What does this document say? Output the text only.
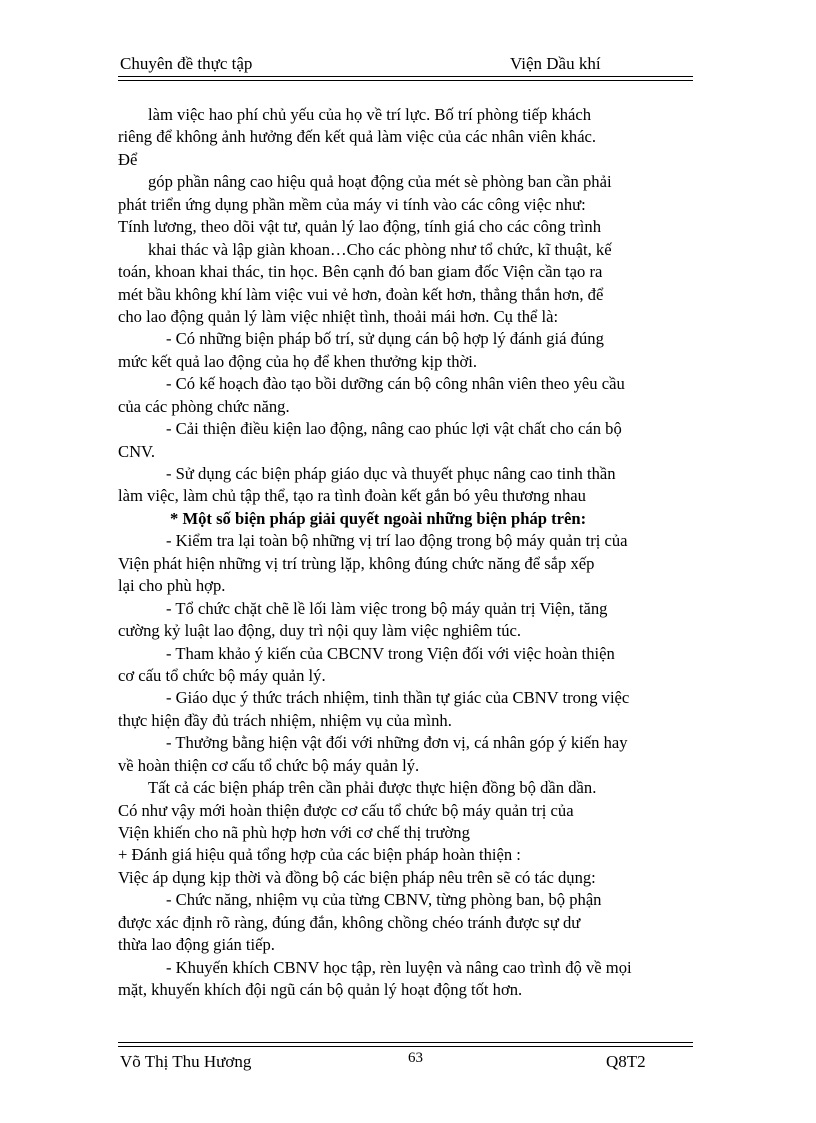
Chuyên đề thực tập	Viện Dầu khí
làm việc hao phí chủ yếu của họ về trí lực. Bố trí phòng tiếp khách
riêng để không ảnh hưởng đến kết quả làm việc của các nhân viên khác.
Để
góp phần nâng cao hiệu quả hoạt động của mét sè phòng ban cần phải
phát triển ứng dụng phần mềm của máy vi tính vào các công việc như:
Tính lương, theo dõi vật tư, quản lý lao động, tính giá cho các công trình
khai thác và lập giàn khoan…Cho các phòng như tổ chức, kĩ thuật, kế
toán, khoan khai thác, tin học. Bên cạnh đó ban giam đốc Viện cần tạo ra
mét bầu không khí làm việc vui vẻ hơn, đoàn kết hơn, thẳng thắn hơn, để
cho lao động quản lý làm việc nhiệt tình, thoải mái hơn. Cụ thể là:
- Có những biện pháp bố trí, sử dụng cán bộ hợp lý đánh giá đúng
mức kết quả lao động của họ để khen thưởng kịp thời.
- Có kế hoạch đào tạo bồi dưỡng cán bộ công nhân viên theo yêu cầu
của các phòng chức năng.
- Cải thiện điều kiện lao động, nâng cao phúc lợi vật chất cho cán bộ
CNV.
- Sử dụng các biện pháp giáo dục và thuyết phục nâng cao tinh thần
làm việc, làm chủ tập thể, tạo ra tình đoàn kết gắn bó yêu thương nhau
* Một số biện pháp giải quyết ngoài những biện pháp trên:
- Kiểm tra lại toàn bộ những vị trí lao động trong bộ máy quản trị của
Viện phát hiện những vị trí trùng lặp, không đúng chức năng để sắp xếp
lại cho phù hợp.
- Tổ chức chặt chẽ lề lối làm việc trong bộ máy quản trị Viện, tăng
cường kỷ luật lao động, duy trì nội quy làm việc nghiêm túc.
- Tham khảo ý kiến của CBCNV trong Viện đối với việc hoàn thiện
cơ cấu tổ chức bộ máy quản lý.
- Giáo dục ý thức trách nhiệm, tinh thần tự giác của CBNV trong việc
thực hiện đầy đủ trách nhiệm, nhiệm vụ của mình.
- Thưởng bằng hiện vật đối với những đơn vị, cá nhân góp ý kiến hay
về hoàn thiện cơ cấu tổ chức bộ máy quản lý.
Tất cả các biện pháp trên cần phải được thực hiện đồng bộ dần dần.
Có như vậy mới hoàn thiện được cơ cấu tổ chức bộ máy quản trị của
Viện khiến cho nã phù hợp hơn với cơ chế thị trường
+ Đánh giá hiệu quả tổng hợp của các biện pháp hoàn thiện :
Việc áp dụng kịp thời và đồng bộ các biện pháp nêu trên sẽ có tác dụng:
- Chức năng, nhiệm vụ của từng CBNV, từng phòng ban, bộ phận
được xác định rõ ràng, đúng đắn, không chồng chéo tránh được sự dư
thừa lao động gián tiếp.
- Khuyến khích CBNV học tập, rèn luyện và nâng cao trình độ về mọi
mặt, khuyến khích đội ngũ cán bộ quản lý hoạt động tốt hơn.
Võ Thị Thu Hương	63	Q8T2
